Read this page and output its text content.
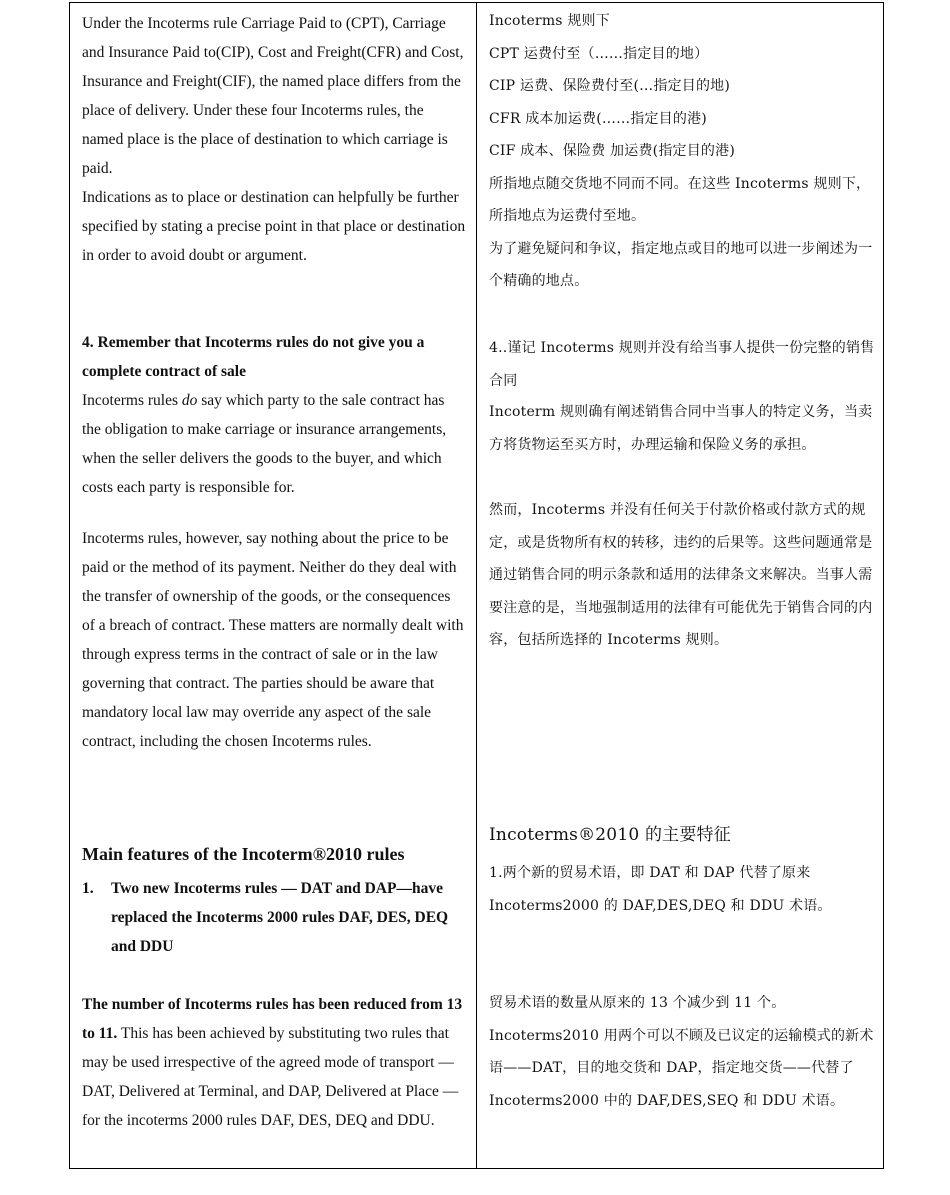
Under the Incoterms rule Carriage Paid to (CPT), Carriage and Insurance Paid to(CIP), Cost and Freight(CFR) and Cost, Insurance and Freight(CIF), the named place differs from the place of delivery. Under these four Incoterms rules, the named place is the place of destination to which carriage is paid.

Indications as to place or destination can helpfully be further specified by stating a precise point in that place or destination in order to avoid doubt or argument.

4. Remember that Incoterms rules do not give you a complete contract of sale

Incoterms rules do say which party to the sale contract has the obligation to make carriage or insurance arrangements, when the seller delivers the goods to the buyer, and which costs each party is responsible for.

Incoterms rules, however, say nothing about the price to be paid or the method of its payment. Neither do they deal with the transfer of ownership of the goods, or the consequences of a breach of contract. These matters are normally dealt with through express terms in the contract of sale or in the law governing that contract. The parties should be aware that mandatory local law may override any aspect of the sale contract, including the chosen Incoterms rules.

Main features of the Incoterm®2010 rules

1.	Two new Incoterms rules — DAT and DAP—have replaced the Incoterms 2000 rules DAF, DES, DEQ and DDU

The number of Incoterms rules has been reduced from 13 to 11. This has been achieved by substituting two rules that may be used irrespective of the agreed mode of transport — DAT, Delivered at Terminal, and DAP, Delivered at Place — for the incoterms 2000 rules DAF, DES, DEQ and DDU.

Incoterms 规则下
CPT 运费付至（……指定目的地）
CIP 运费、保险费付至(…指定目的地)
CFR 成本加运费(……指定目的港)
CIF 成本、保险费 加运费(指定目的港)
所指地点随交货地不同而不同。在这些 Incoterms 规则下，所指地点为运费付至地。
为了避免疑问和争议，指定地点或目的地可以进一步阐述为一个精确的地点。

4..谨记 Incoterms 规则并没有给当事人提供一份完整的销售合同

Incoterm 规则确有阐述销售合同中当事人的特定义务，当卖方将货物运至买方时，办理运输和保险义务的承担。

然而，Incoterms 并没有任何关于付款价格或付款方式的规定，或是货物所有权的转移，违约的后果等。这些问题通常是通过销售合同的明示条款和适用的法律条文来解决。当事人需要注意的是，当地强制适用的法律有可能优先于销售合同的内容，包括所选择的 Incoterms 规则。

Incoterms®2010 的主要特征

1.两个新的贸易术语，即 DAT 和 DAP 代替了原来 Incoterms2000 的 DAF,DES,DEQ 和 DDU 术语。

贸易术语的数量从原来的 13 个减少到 11 个。Incoterms2010 用两个可以不顾及已议定的运输模式的新术语——DAT，目的地交货和 DAP，指定地交货——代替了 Incoterms2000 中的 DAF,DES,SEQ 和 DDU 术语。
